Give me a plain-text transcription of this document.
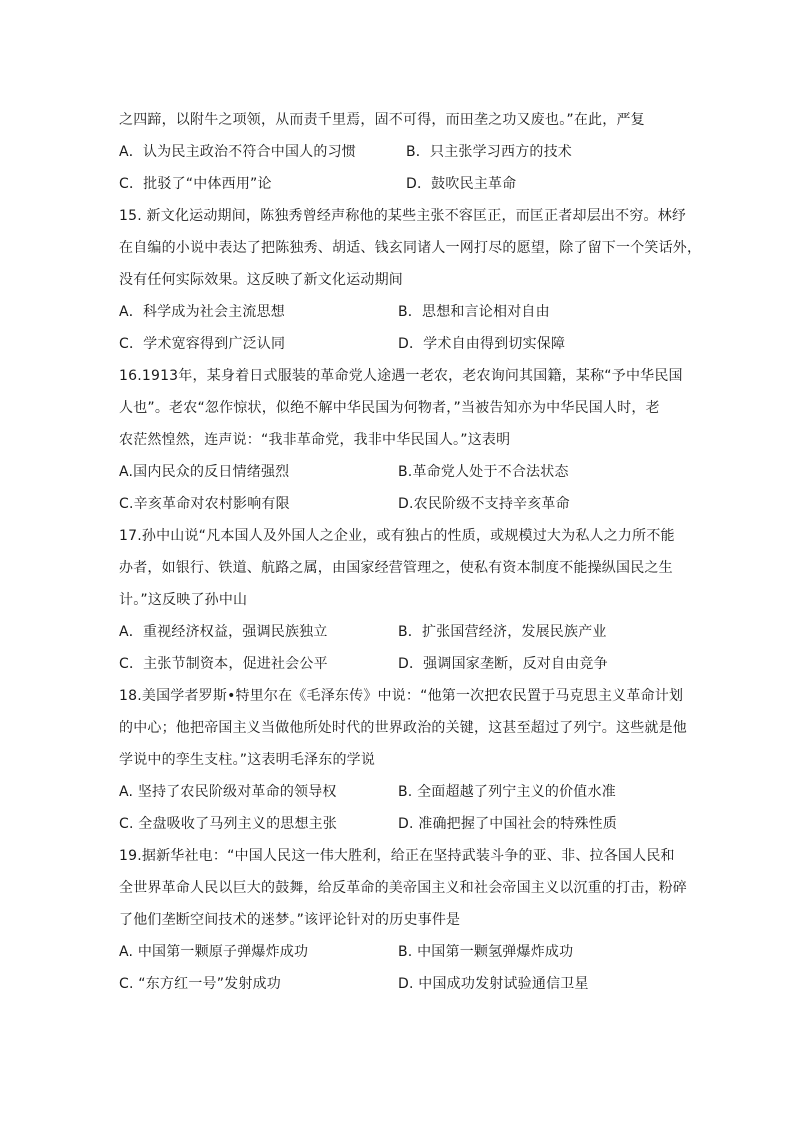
之四蹄，以附牛之项领，从而责千里焉，固不可得，而田垄之功又废也。”在此，严复
A．认为民主政治不符合中国人的习惯	B．只主张学习西方的技术
C．批驳了“中体西用”论	D．鼓吹民主革命
15. 新文化运动期间，陈独秀曾经声称他的某些主张不容匡正，而匡正者却层出不穷。林纾
在自编的小说中表达了把陈独秀、胡适、钱玄同诸人一网打尽的愿望，除了留下一个笑话外，
没有任何实际效果。这反映了新文化运动期间
A．科学成为社会主流思想	B．思想和言论相对自由
C．学术宽容得到广泛认同	D．学术自由得到切实保障
16.1913年，某身着日式服装的革命党人途遇一老农，老农询问其国籍，某称“予中华民国
人也”。老农“忽作惊状，似绝不解中华民国为何物者，”当被告知亦为中华民国人时，老
农茫然惶然，连声说：“我非革命党，我非中华民国人。”这表明
A.国内民众的反日情绪强烈	B.革命党人处于不合法状态
C.辛亥革命对农村影响有限	D.农民阶级不支持辛亥革命
17.孙中山说“凡本国人及外国人之企业，或有独占的性质，或规模过大为私人之力所不能
办者，如银行、铁道、航路之属，由国家经营管理之，使私有资本制度不能操纵国民之生
计。”这反映了孙中山
A．重视经济权益，强调民族独立	B．扩张国营经济，发展民族产业
C．主张节制资本，促进社会公平	D．强调国家垄断，反对自由竞争
18.美国学者罗斯•特里尔在《毛泽东传》中说：“他第一次把农民置于马克思主义革命计划
的中心；他把帝国主义当做他所处时代的世界政治的关键，这甚至超过了列宁。这些就是他
学说中的孪生支柱。”这表明毛泽东的学说
A. 坚持了农民阶级对革命的领导权	B. 全面超越了列宁主义的价值水准
C. 全盘吸收了马列主义的思想主张	D. 准确把握了中国社会的特殊性质
19.据新华社电：“中国人民这一伟大胜利，给正在坚持武装斗争的亚、非、拉各国人民和
全世界革命人民以巨大的鼓舞，给反革命的美帝国主义和社会帝国主义以沉重的打击，粉碎
了他们垄断空间技术的迷梦。”该评论针对的历史事件是
A. 中国第一颗原子弹爆炸成功	B. 中国第一颗氢弹爆炸成功
C. “东方红一号”发射成功	D. 中国成功发射试验通信卫星
